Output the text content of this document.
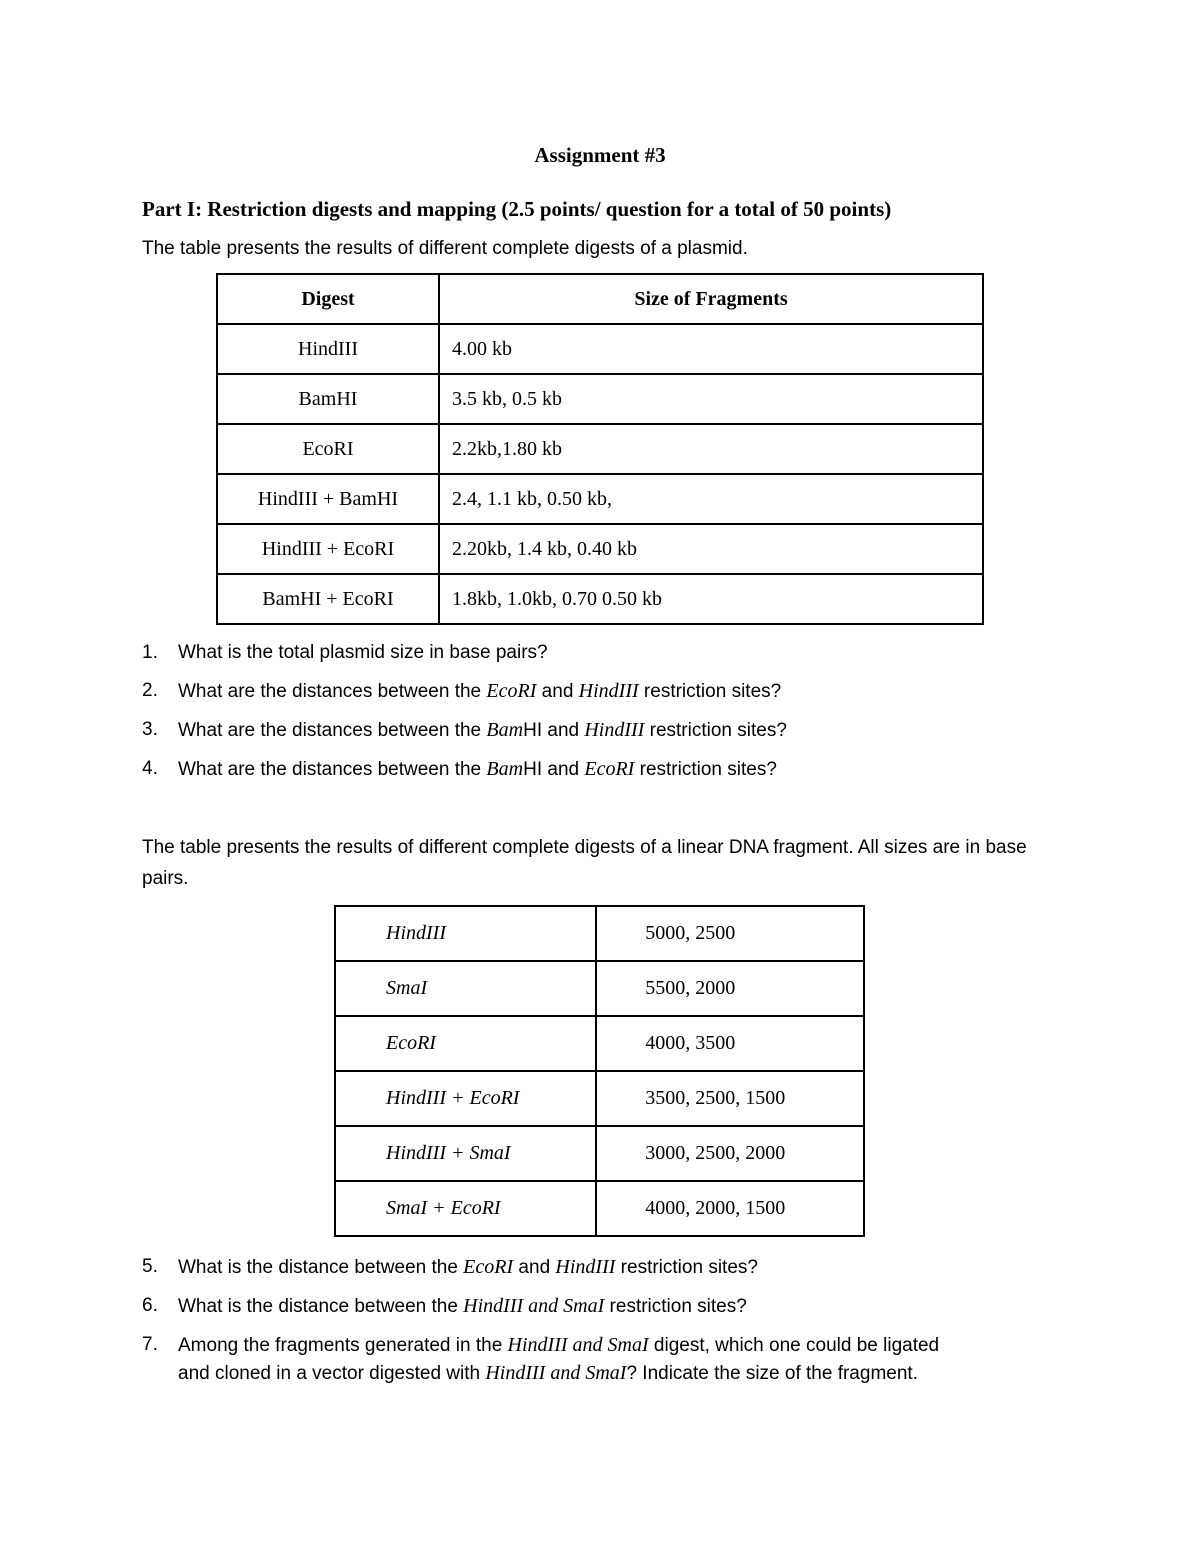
Assignment #3
Part I: Restriction digests and mapping (2.5 points/ question for a total of 50 points)
The table presents the results of different complete digests of a plasmid.
Digest	Size of Fragments
HindIII	4.00 kb
BamHI	3.5 kb, 0.5 kb
EcoRI	2.2kb,1.80 kb
HindIII + BamHI	2.4, 1.1 kb, 0.50 kb,
HindIII + EcoRI	2.20kb, 1.4 kb, 0.40 kb
BamHI + EcoRI	1.8kb, 1.0kb, 0.70 0.50 kb
1. What is the total plasmid size in base pairs?
2. What are the distances between the EcoRI and HindIII restriction sites?
3. What are the distances between the BamHI and HindIII restriction sites?
4. What are the distances between the BamHI and EcoRI restriction sites?
The table presents the results of different complete digests of a linear DNA fragment. All sizes are in base pairs.
HindIII	5000, 2500
SmaI	5500, 2000
EcoRI	4000, 3500
HindIII + EcoRI	3500, 2500, 1500
HindIII + SmaI	3000, 2500, 2000
SmaI + EcoRI	4000, 2000, 1500
5. What is the distance between the EcoRI and HindIII restriction sites?
6. What is the distance between the HindIII and SmaI restriction sites?
7. Among the fragments generated in the HindIII and SmaI digest, which one could be ligated
and cloned in a vector digested with HindIII and SmaI? Indicate the size of the fragment.
